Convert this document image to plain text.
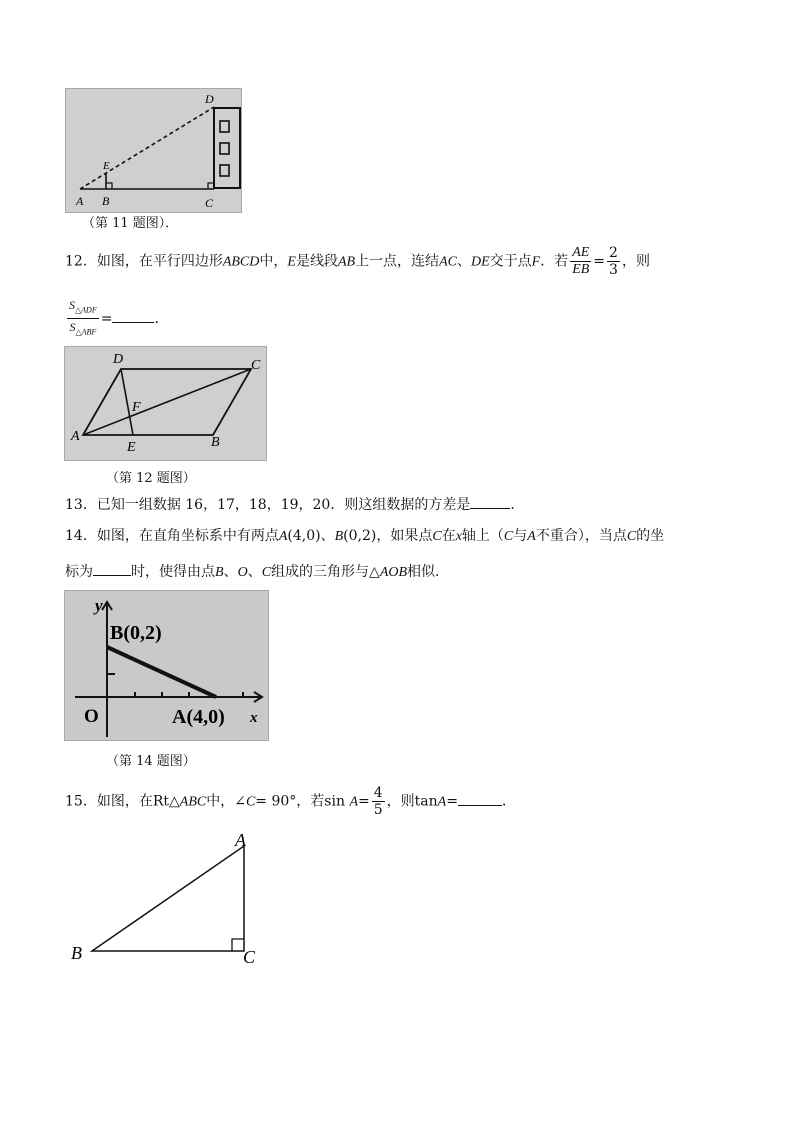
A B	C
D
E
（第 11 题图）．
12．如图，在平行四边形ABCD中，E是线段AB上一点，连结AC、DE交于点F．若 $\frac{AE}{EB} = \frac{2}{3}$ ，则
$\frac{S_{\triangle ADF}}{S_{\triangle ABF}}$ =	．
A	B
C
D
E
F
（第 12 题图）
13．已知一组数据 16，17，18，19，20．则这组数据的方差是	．
14．如图，在直角坐标系中有两点A(4,0)、B(0,2)，如果点C在x轴上（C与A不重合），当点C的坐
标为	时，使得由点B、O、C组成的三角形与△AOB相似．
y
B(0,2)
O	A(4,0) x
（第 14 题图）
15．如图，在Rt△ABC中，∠C= 90°，若$\sin A= \frac{4}{5}$ ，则tanA=	．
A
B	C
